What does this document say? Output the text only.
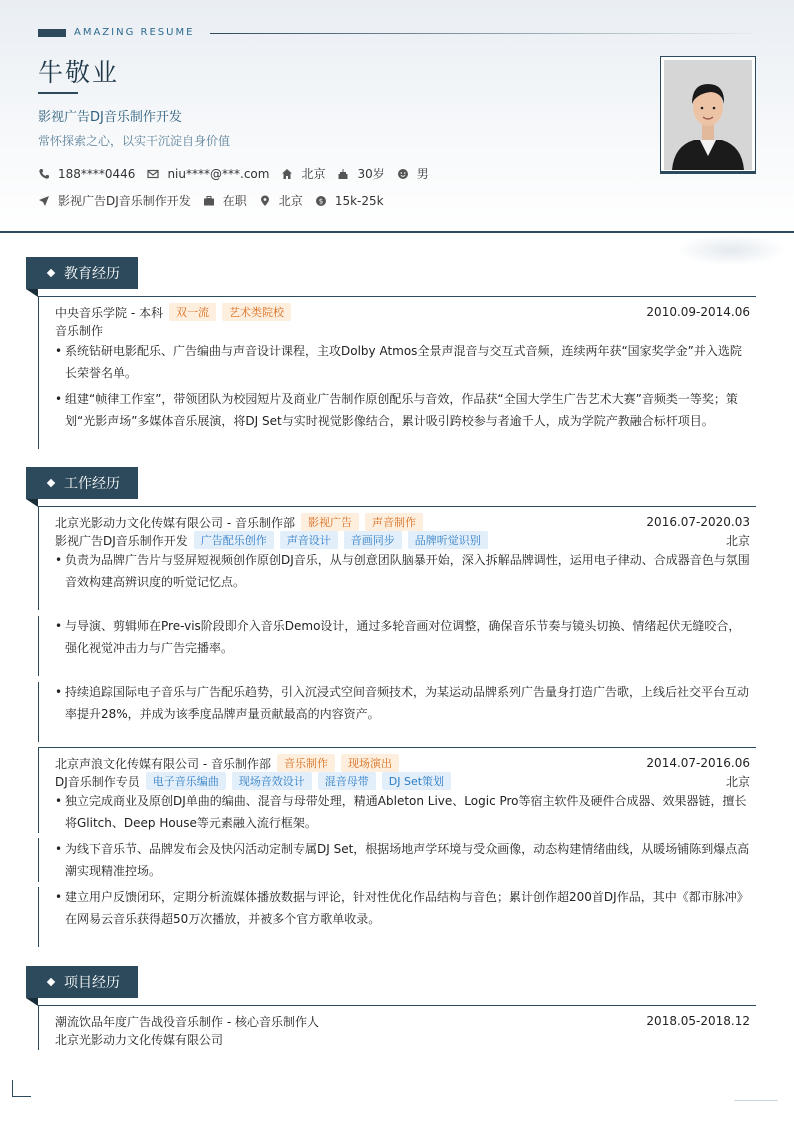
AMAZING RESUME
牛敬业
影视广告DJ音乐制作开发
常怀探索之心，以实干沉淀自身价值
188****0446	niu****@***.com	北京	30岁	男
影视广告DJ音乐制作开发	在职	北京 $ 15k-25k
教育经历
中央音乐学院 - 本科	双一流	艺术类院校	2010.09-2014.06
音乐制作
• 系统钻研电影配乐、广告编曲与声音设计课程，主攻Dolby Atmos全景声混音与交互式音频，连续两年获“国家奖学金”并入选院长荣誉名单。
• 组建“帧律工作室”，带领团队为校园短片及商业广告制作原创配乐与音效，作品获“全国大学生广告艺术大赛”音频类一等奖；策划“光影声场”多媒体音乐展演，将DJ Set与实时视觉影像结合，累计吸引跨校参与者逾千人，成为学院产教融合标杆项目。
工作经历
北京光影动力文化传媒有限公司 - 音乐制作部	影视广告	声音制作	2016.07-2020.03
影视广告DJ音乐制作开发	广告配乐创作	声音设计	音画同步	品牌听觉识别	北京
• 负责为品牌广告片与竖屏短视频创作原创DJ音乐，从与创意团队脑暴开始，深入拆解品牌调性，运用电子律动、合成器音色与氛围音效构建高辨识度的听觉记忆点。
• 与导演、剪辑师在Pre-vis阶段即介入音乐Demo设计，通过多轮音画对位调整，确保音乐节奏与镜头切换、情绪起伏无缝咬合，强化视觉冲击力与广告完播率。
• 持续追踪国际电子音乐与广告配乐趋势，引入沉浸式空间音频技术，为某运动品牌系列广告量身打造广告歌，上线后社交平台互动率提升28%，并成为该季度品牌声量贡献最高的内容资产。
北京声浪文化传媒有限公司 - 音乐制作部	音乐制作	现场演出	2014.07-2016.06
DJ音乐制作专员	电子音乐编曲	现场音效设计	混音母带	DJ Set策划	北京
• 独立完成商业及原创DJ单曲的编曲、混音与母带处理，精通Ableton Live、Logic Pro等宿主软件及硬件合成器、效果器链，擅长将Glitch、Deep House等元素融入流行框架。
• 为线下音乐节、品牌发布会及快闪活动定制专属DJ Set，根据场地声学环境与受众画像，动态构建情绪曲线，从暖场铺陈到爆点高潮实现精准控场。
• 建立用户反馈闭环，定期分析流媒体播放数据与评论，针对性优化作品结构与音色；累计创作超200首DJ作品，其中《都市脉冲》在网易云音乐获得超50万次播放，并被多个官方歌单收录。
项目经历
潮流饮品年度广告战役音乐制作 - 核心音乐制作人	2018.05-2018.12
北京光影动力文化传媒有限公司
